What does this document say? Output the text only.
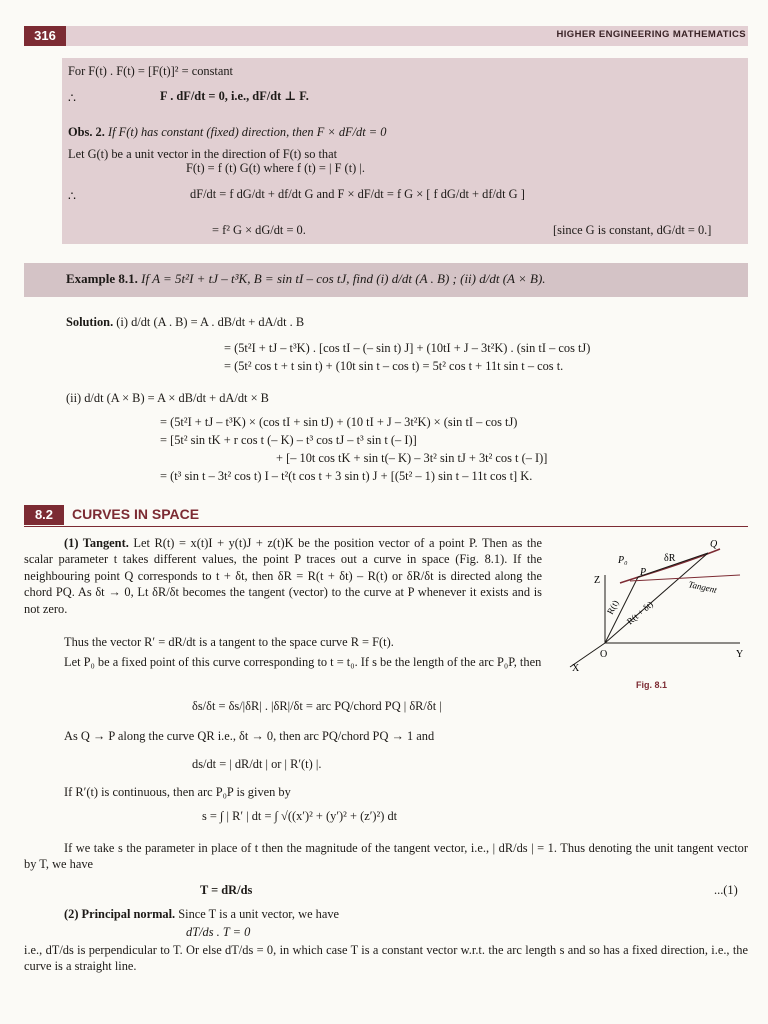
316	HIGHER ENGINEERING MATHEMATICS
For F(t) . F(t) = [F(t)]² = constant
∴	F . dF/dt = 0, i.e., dF/dt ⊥ F.
Obs. 2. If F(t) has constant (fixed) direction, then F × dF/dt = 0
Let G(t) be a unit vector in the direction of F(t) so that
F(t) = f (t) G(t) where f (t) = | F (t) |.
∴	dF/dt = f dG/dt + df/dt G and F × dF/dt = f G × [ f dG/dt + df/dt G ]
= f² G × dG/dt = 0.	[since G is constant, dG/dt = 0.]
Example 8.1. If A = 5t²I + tJ – t³K, B = sin tI – cos tJ, find (i) d/dt (A . B) ; (ii) d/dt (A × B).
Solution. (i) d/dt (A . B) = A . dB/dt + dA/dt . B
= (5t²I + tJ – t³K) . [cos tI – (– sin t) J] + (10tI + J – 3t²K) . (sin tI – cos tJ)
= (5t² cos t + t sin t) + (10t sin t – cos t) = 5t² cos t + 11t sin t – cos t.
(ii) d/dt (A × B) = A × dB/dt + dA/dt × B
= (5t²I + tJ – t³K) × (cos tI + sin tJ) + (10 tI + J – 3t²K) × (sin tI – cos tJ)
= [5t² sin tK + r cos t (– K) – t³ cos tJ – t³ sin t (– I)]
+ [– 10t cos tK + sin t(– K) – 3t² sin tJ + 3t² cos t (– I)]
= (t³ sin t – 3t² cos t) I – t²(t cos t + 3 sin t) J + [(5t² – 1) sin t – 11t cos t] K.
8.2	CURVES IN SPACE
(1) Tangent. Let R(t) = x(t)I + y(t)J + z(t)K be the position vector of a point P. Then as the scalar parameter t takes different values, the point P traces out a curve in space (Fig. 8.1). If the neighbouring point Q corresponds to t + δt, then δR = R(t + δt) – R(t) or δR/δt is directed along the chord PQ. As δt → 0, Lt δR/δt becomes the tangent (vector) to the curve at P whenever it exists and is not zero.
Thus the vector R′ = dR/dt is a tangent to the space curve R = F(t).
Let P₀ be a fixed point of this curve corresponding to t = t₀. If s be the length of the arc P₀P, then
δs/δt = δs/|δR| . |δR|/δt = arc PQ/chord PQ | δR/δt |
As Q → P along the curve QR i.e., δt → 0, then arc PQ/chord PQ → 1 and
ds/dt = | dR/dt | or | R′(t) |.
If R′(t) is continuous, then arc P₀P is given by
s = ∫ | R′ | dt = ∫ √((x′)² + (y′)² + (z′)²) dt
If we take s the parameter in place of t then the magnitude of the tangent vector, i.e., | dR/ds | = 1. Thus denoting the unit tangent vector by T, we have
T = dR/ds	...(1)
(2) Principal normal. Since T is a unit vector, we have
dT/ds . T = 0
i.e., dT/ds is perpendicular to T. Or else dT/ds = 0, in which case T is a constant vector w.r.t. the arc length s and so has a fixed direction, i.e., the curve is a straight line.
Z
Y
X
O
P₀
P
Q
δR
R(t) R(t + δt)
Tangent
Fig. 8.1
